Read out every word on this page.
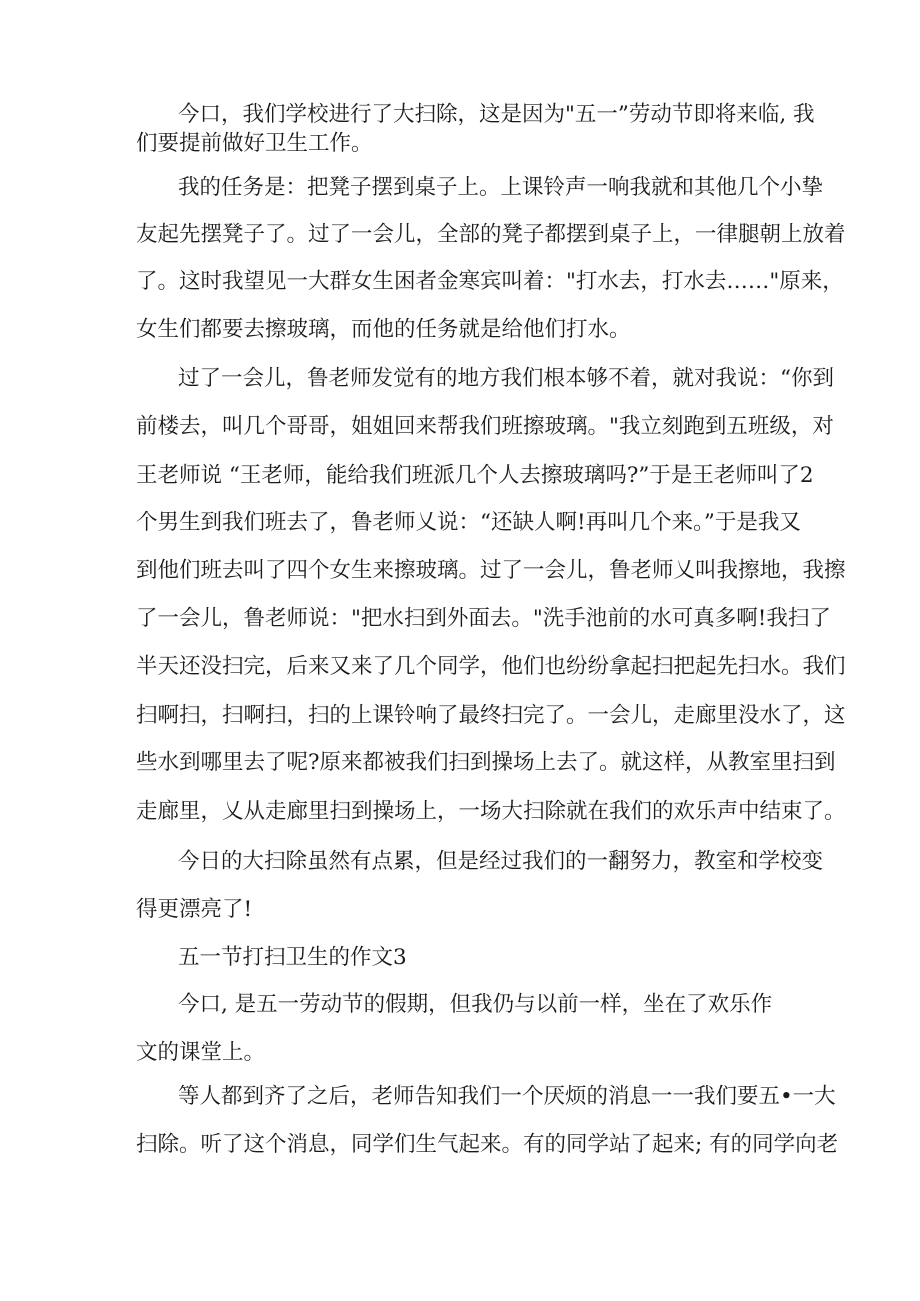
今口，我们学校进行了大扫除，这是因为"五一”劳动节即将来临, 我

们要提前做好卫生工作。

我的任务是：把凳子摆到桌子上。上课铃声一响我就和其他几个小挚

友起先摆凳子了。过了一会儿，全部的凳子都摆到桌子上，一律腿朝上放着

了。这时我望见一大群女生困者金寒宾叫着："打水去，打水去……"原来，

女生们都要去擦玻璃，而他的任务就是给他们打水。

过了一会儿，鲁老师发觉有的地方我们根本够不着，就对我说：“你到

前楼去，叫几个哥哥，姐姐回来帮我们班擦玻璃。"我立刻跑到五班级，对

王老师说 “王老师，能给我们班派几个人去擦玻璃吗?”于是王老师叫了2

个男生到我们班去了，鲁老师乂说：“还缺人啊!再叫几个来。”于是我又

到他们班去叫了四个女生来擦玻璃。过了一会儿，鲁老师乂叫我擦地，我擦

了一会儿，鲁老师说："把水扫到外面去。"洗手池前的水可真多啊!我扫了

半天还没扫完，后来又来了几个同学，他们也纷纷拿起扫把起先扫水。我们

扫啊扫，扫啊扫，扫的上课铃响了最终扫完了。一会儿，走廊里没水了，这

些水到哪里去了呢?原来都被我们扫到操场上去了。就这样，从教室里扫到

走廊里，乂从走廊里扫到操场上，一场大扫除就在我们的欢乐声中结束了。

今日的大扫除虽然有点累，但是经过我们的一翻努力，教室和学校变

得更漂亮了!

五一节打扫卫生的作文3

今口, 是五一劳动节的假期，但我仍与以前一样，坐在了欢乐作

文的课堂上。

等人都到齐了之后，老师告知我们一个厌烦的消息一一我们要五•一大

扫除。听了这个消息，同学们生气起来。有的同学站了起来; 有的同学向老
